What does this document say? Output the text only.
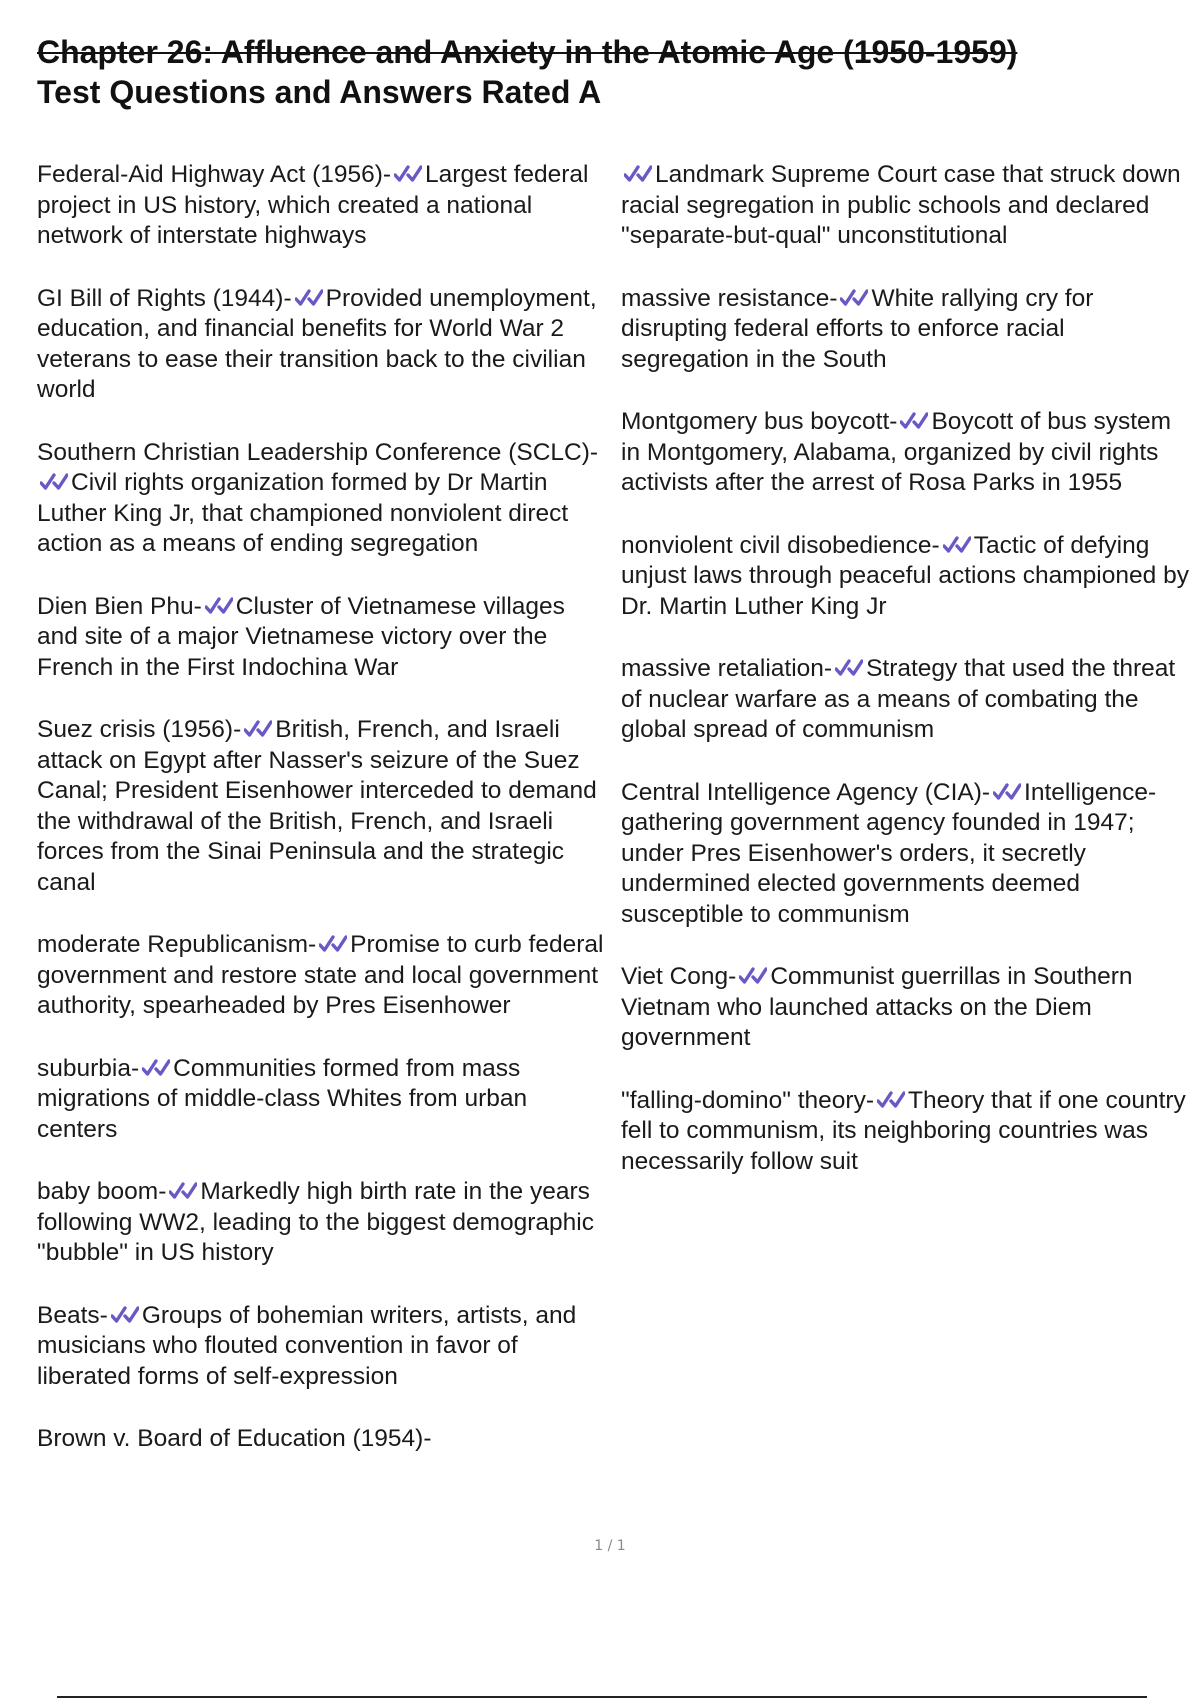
Chapter 26: Affluence and Anxiety in the Atomic Age (1950-1959)
Test Questions and Answers Rated A
Federal-Aid Highway Act (1956)- Largest federal project in US history, which created a national network of interstate highways
GI Bill of Rights (1944)- Provided unemployment, education, and financial benefits for World War 2 veterans to ease their transition back to the civilian world
Southern Christian Leadership Conference (SCLC)-
Civil rights organization formed by Dr Martin Luther King Jr, that championed nonviolent direct action as a means of ending segregation
Dien Bien Phu- Cluster of Vietnamese villages and site of a major Vietnamese victory over the French in the First Indochina War
Suez crisis (1956)- British, French, and Israeli attack on Egypt after Nasser's seizure of the Suez Canal; President Eisenhower interceded to demand the withdrawal of the British, French, and Israeli forces from the Sinai Peninsula and the strategic canal
moderate Republicanism- Promise to curb federal government and restore state and local government authority, spearheaded by Pres Eisenhower
suburbia- Communities formed from mass migrations of middle-class Whites from urban centers
baby boom- Markedly high birth rate in the years following WW2, leading to the biggest demographic "bubble" in US history
Beats- Groups of bohemian writers, artists, and musicians who flouted convention in favor of liberated forms of self-expression
Brown v. Board of Education (1954)-
Landmark Supreme Court case that struck down racial segregation in public schools and declared "separate-but-qual" unconstitutional
massive resistance- White rallying cry for disrupting federal efforts to enforce racial segregation in the South
Montgomery bus boycott- Boycott of bus system in Montgomery, Alabama, organized by civil rights activists after the arrest of Rosa Parks in 1955
nonviolent civil disobedience- Tactic of defying unjust laws through peaceful actions championed by Dr. Martin Luther King Jr
massive retaliation- Strategy that used the threat of nuclear warfare as a means of combating the global spread of communism
Central Intelligence Agency (CIA)- Intelligence-gathering government agency founded in 1947; under Pres Eisenhower's orders, it secretly undermined elected governments deemed susceptible to communism
Viet Cong- Communist guerrillas in Southern Vietnam who launched attacks on the Diem government
"falling-domino" theory- Theory that if one country fell to communism, its neighboring countries was necessarily follow suit
1 / 1
